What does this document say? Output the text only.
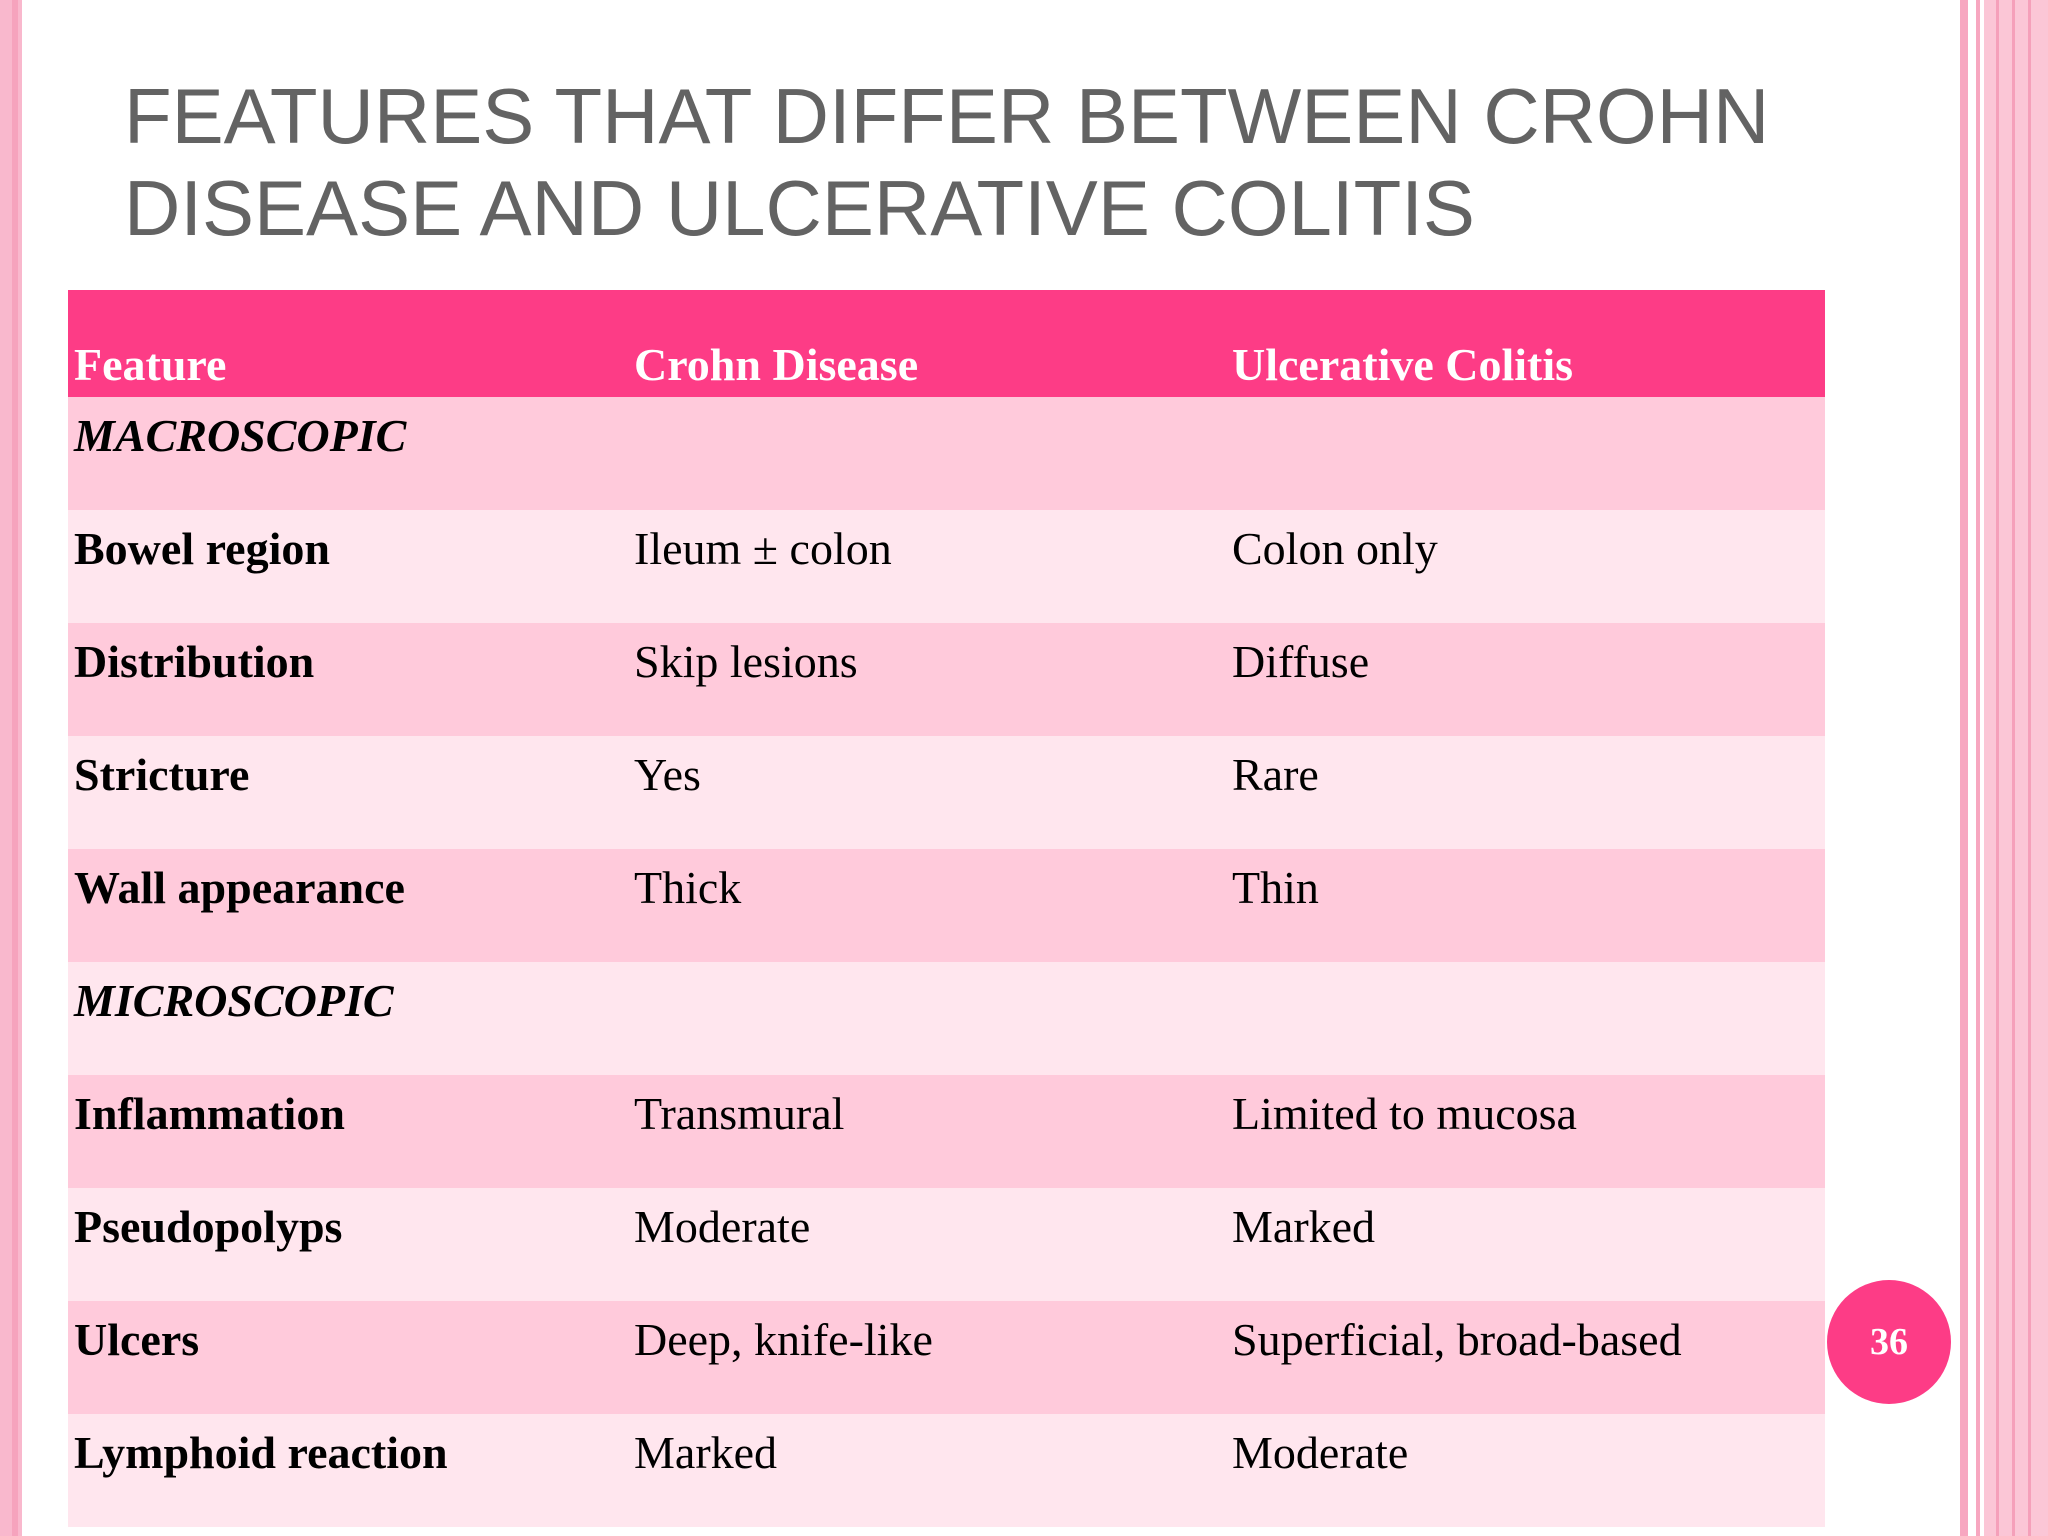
FEATURES THAT DIFFER BETWEEN CROHN
DISEASE AND ULCERATIVE COLITIS
Feature	Crohn Disease	Ulcerative Colitis
MACROSCOPIC		
Bowel region	Ileum ± colon	Colon only
Distribution	Skip lesions	Diffuse
Stricture	Yes	Rare
Wall appearance	Thick	Thin
MICROSCOPIC		
Inflammation	Transmural	Limited to mucosa
Pseudopolyps	Moderate	Marked
Ulcers	Deep, knife-like	Superficial, broad-based
Lymphoid reaction	Marked	Moderate
36
